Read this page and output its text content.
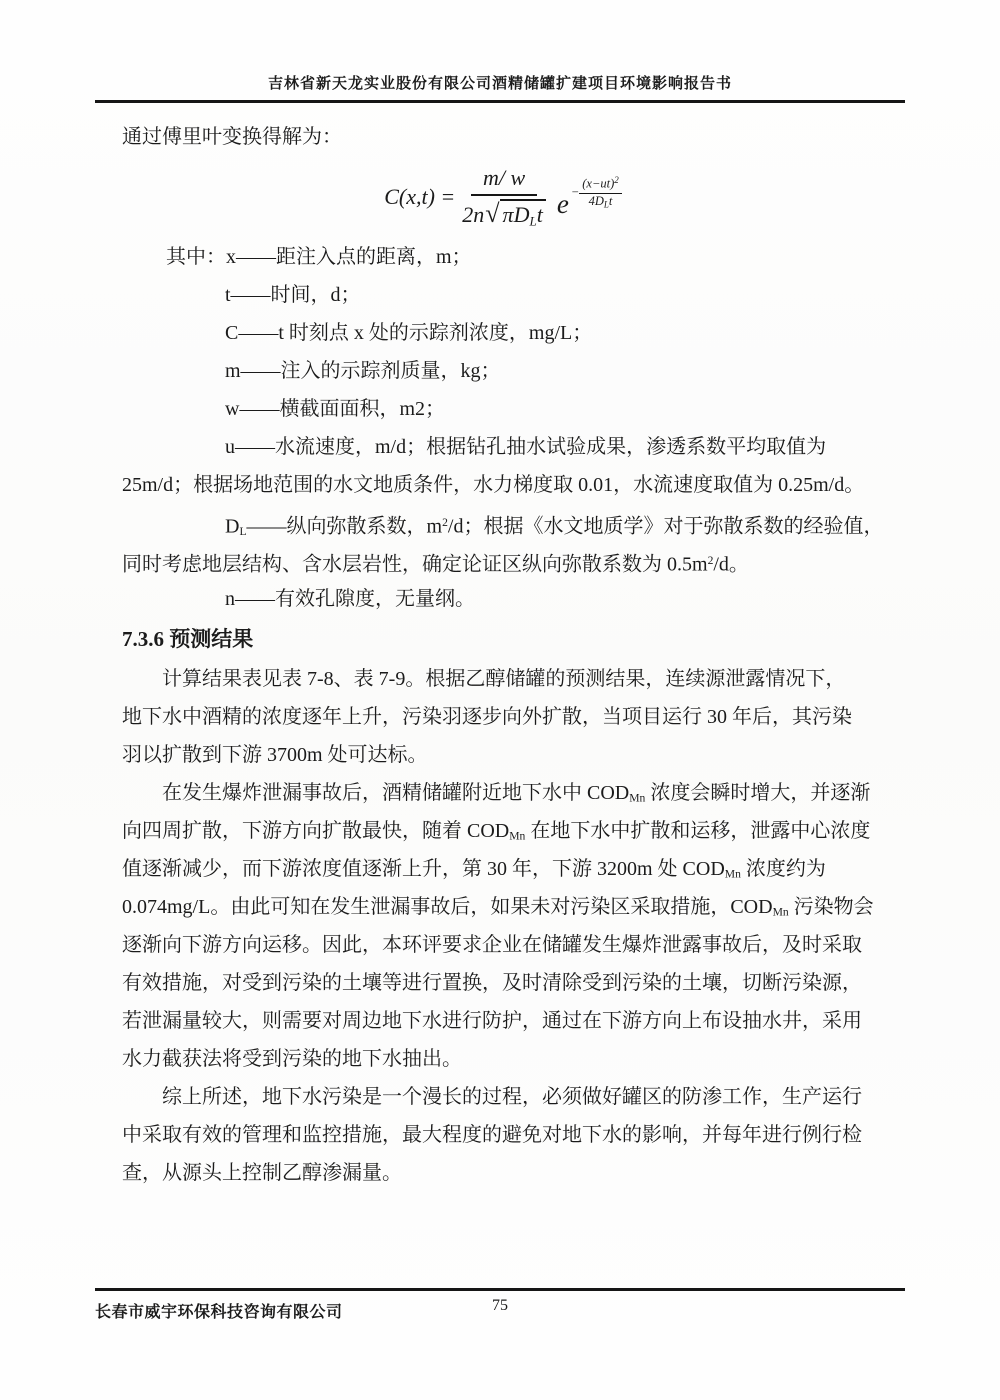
吉林省新天龙实业股份有限公司酒精储罐扩建项目环境影响报告书
通过傅里叶变换得解为：
$C(x,t) = \frac{m/ w}{2n √ \pi D_Lt}$ $e - \frac{(x-ut)^2}{4D_Lt}$
其中：x——距注入点的距离，m；
t——时间，d；
C——t 时刻点 x 处的示踪剂浓度，mg/L；
m——注入的示踪剂质量，kg；
w——横截面面积，m2；
u——水流速度，m/d；根据钻孔抽水试验成果，渗透系数平均取值为
25m/d；根据场地范围的水文地质条件，水力梯度取 0.01，水流速度取值为 0.25m/d。
$D_L——$纵向弥散系数，$m^2/d$；根据《水文地质学》对于弥散系数的经验值，
同时考虑地层结构、含水层岩性，确定论证区纵向弥散系数为 $0.5m^2/d$。
n——有效孔隙度，无量纲。
7.3.6 预测结果
计算结果表见表 7-8、表 7-9。根据乙醇储罐的预测结果，连续源泄露情况下，
地下水中酒精的浓度逐年上升，污染羽逐步向外扩散，当项目运行 30 年后，其污染
羽以扩散到下游 3700m 处可达标。
在发生爆炸泄漏事故后，酒精储罐附近地下水中 $COD_{Mn}$ 浓度会瞬时增大，并逐渐
向四周扩散，下游方向扩散最快，随着 $COD_{Mn}$ 在地下水中扩散和运移，泄露中心浓度
值逐渐减少，而下游浓度值逐渐上升，第 30 年，下游 3200m 处 $COD_{Mn}$ 浓度约为
0.074mg/L。由此可知在发生泄漏事故后，如果未对污染区采取措施，$COD_{Mn}$ 污染物会
逐渐向下游方向运移。因此，本环评要求企业在储罐发生爆炸泄露事故后，及时采取
有效措施，对受到污染的土壤等进行置换，及时清除受到污染的土壤，切断污染源，
若泄漏量较大，则需要对周边地下水进行防护，通过在下游方向上布设抽水井，采用
水力截获法将受到污染的地下水抽出。
综上所述，地下水污染是一个漫长的过程，必须做好罐区的防渗工作，生产运行
中采取有效的管理和监控措施，最大程度的避免对地下水的影响，并每年进行例行检
查，从源头上控制乙醇渗漏量。
长春市威宇环保科技咨询有限公司	75
